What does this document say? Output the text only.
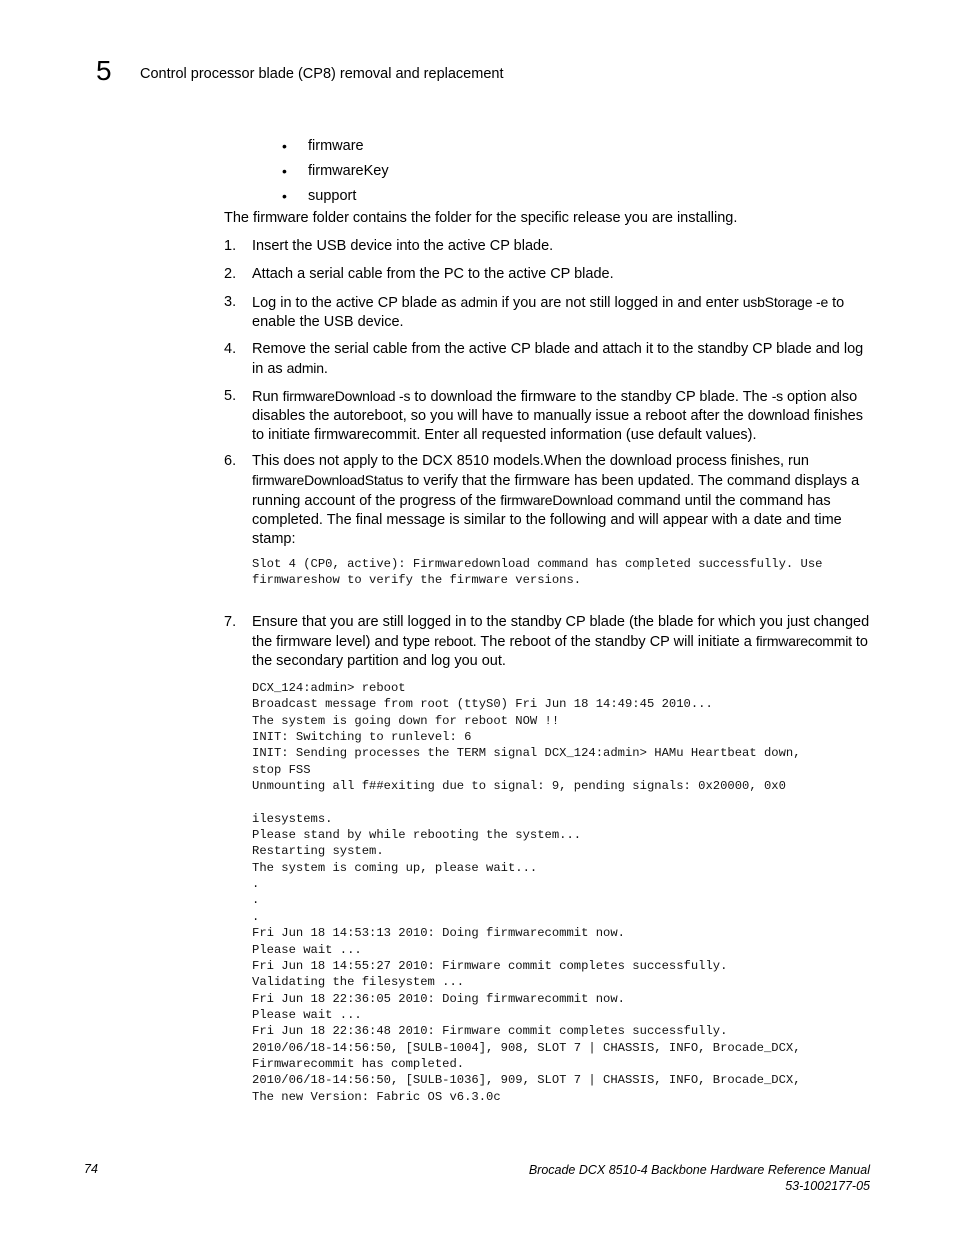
5 Control processor blade (CP8) removal and replacement
• firmware
• firmwareKey
• support
The firmware folder contains the folder for the specific release you are installing.
1. Insert the USB device into the active CP blade.
2. Attach a serial cable from the PC to the active CP blade.
3. Log in to the active CP blade as admin if you are not still logged in and enter usbStorage -e to enable the USB device.
4. Remove the serial cable from the active CP blade and attach it to the standby CP blade and log in as admin.
5. Run firmwareDownload -s to download the firmware to the standby CP blade. The -s option also disables the autoreboot, so you will have to manually issue a reboot after the download finishes to initiate firmwarecommit. Enter all requested information (use default values).
6. This does not apply to the DCX 8510 models.When the download process finishes, run firmwareDownloadStatus to verify that the firmware has been updated. The command displays a running account of the progress of the firmwareDownload command until the command has completed. The final message is similar to the following and will appear with a date and time stamp:
Slot 4 (CP0, active): Firmwaredownload command has completed successfully. Use
firmwareshow to verify the firmware versions.
7. Ensure that you are still logged in to the standby CP blade (the blade for which you just changed the firmware level) and type reboot. The reboot of the standby CP will initiate a firmwarecommit to the secondary partition and log you out.
DCX_124:admin> reboot
Broadcast message from root (ttyS0) Fri Jun 18 14:49:45 2010...
The system is going down for reboot NOW !!
INIT: Switching to runlevel: 6
INIT: Sending processes the TERM signal DCX_124:admin> HAMu Heartbeat down,
stop FSS
Unmounting all f##exiting due to signal: 9, pending signals: 0x20000, 0x0

ilesystems.
Please stand by while rebooting the system...
Restarting system.
The system is coming up, please wait...
.
.
.
Fri Jun 18 14:53:13 2010: Doing firmwarecommit now.
Please wait ...
Fri Jun 18 14:55:27 2010: Firmware commit completes successfully.
Validating the filesystem ...
Fri Jun 18 22:36:05 2010: Doing firmwarecommit now.
Please wait ...
Fri Jun 18 22:36:48 2010: Firmware commit completes successfully.
2010/06/18-14:56:50, [SULB-1004], 908, SLOT 7 | CHASSIS, INFO, Brocade_DCX,
Firmwarecommit has completed.
2010/06/18-14:56:50, [SULB-1036], 909, SLOT 7 | CHASSIS, INFO, Brocade_DCX,
The new Version: Fabric OS v6.3.0c
74	Brocade DCX 8510-4 Backbone Hardware Reference Manual
53-1002177-05
